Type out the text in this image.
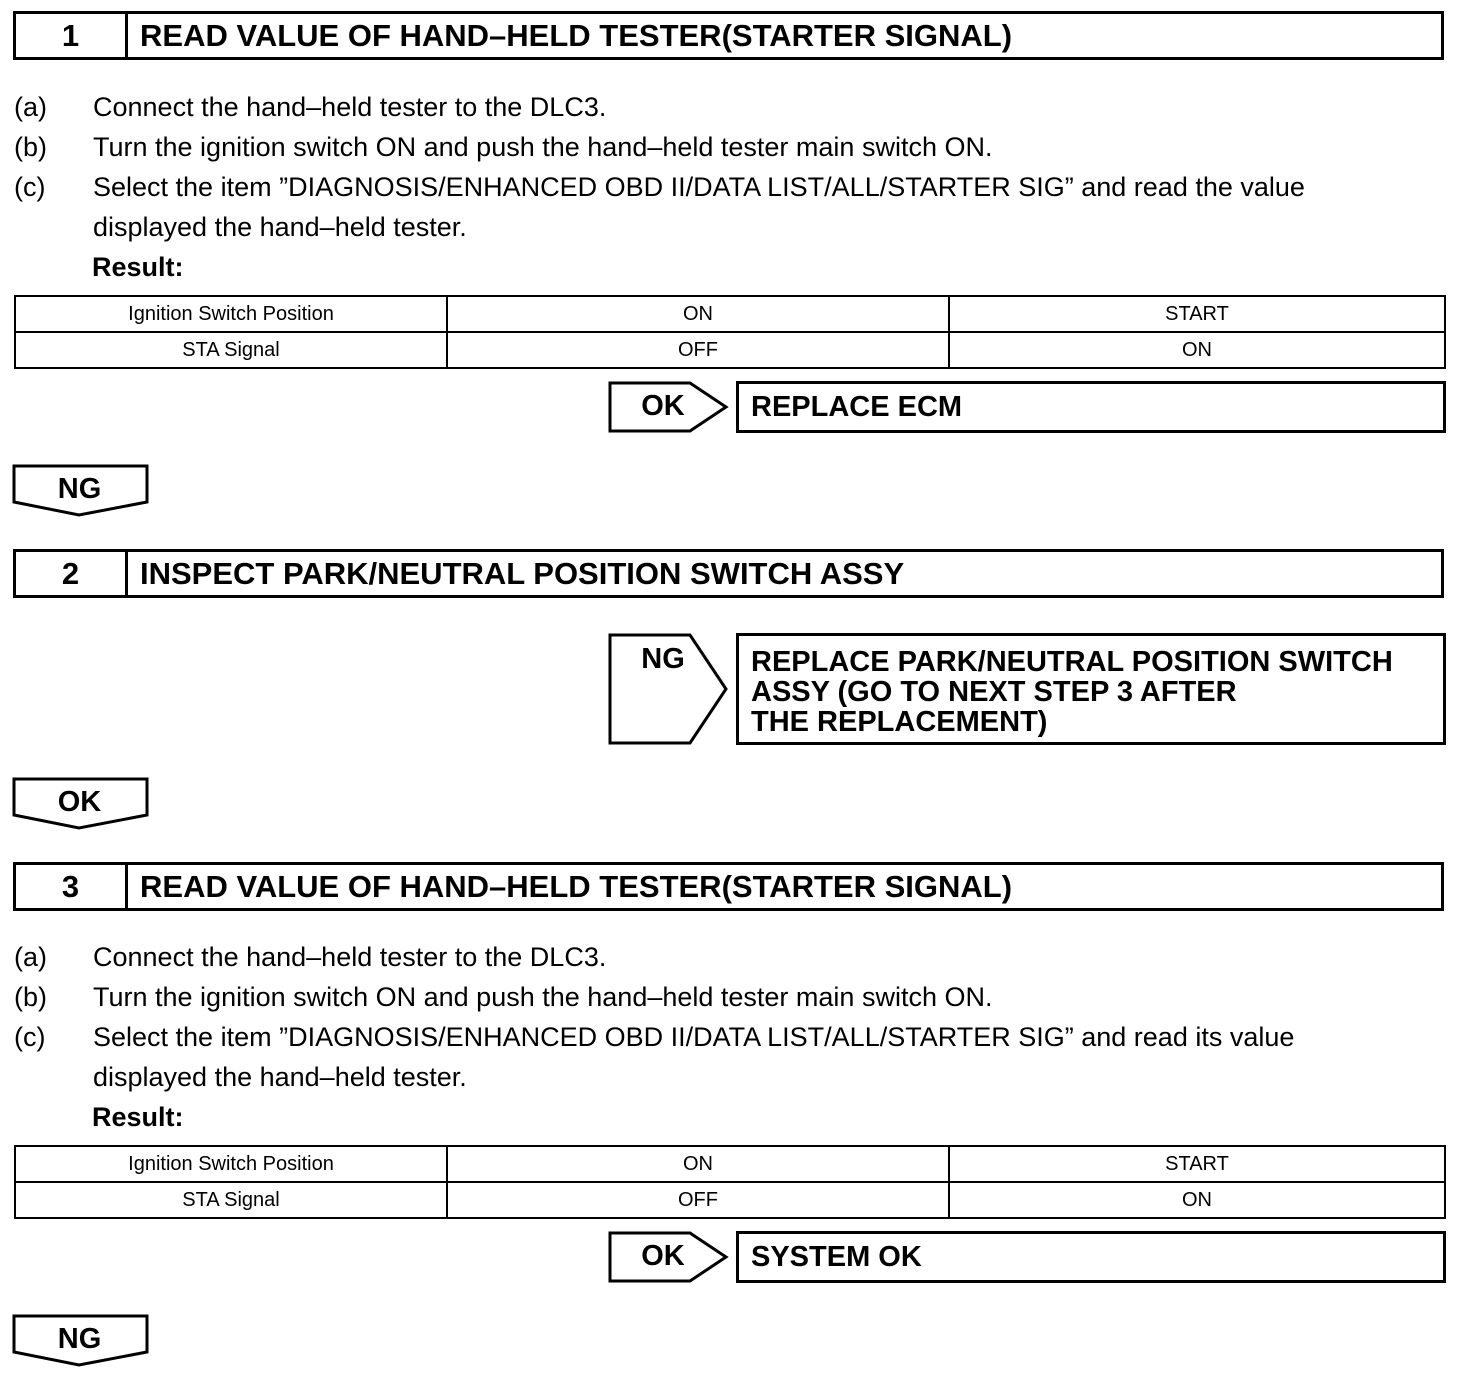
1	READ VALUE OF HAND–HELD TESTER(STARTER SIGNAL)
(a) Connect the hand–held tester to the DLC3.
(b) Turn the ignition switch ON and push the hand–held tester main switch ON.
(c) Select the item ”DIAGNOSIS/ENHANCED OBD II/DATA LIST/ALL/STARTER SIG” and read the value
displayed the hand–held tester.
Result:
Ignition Switch Position	ON	START
STA Signal	OFF	ON
OK	REPLACE ECM
NG
2	INSPECT PARK/NEUTRAL POSITION SWITCH ASSY
NG	REPLACE PARK/NEUTRAL POSITION SWITCH
ASSY (GO TO NEXT STEP 3 AFTER
THE REPLACEMENT)
OK
3	READ VALUE OF HAND–HELD TESTER(STARTER SIGNAL)
(a) Connect the hand–held tester to the DLC3.
(b) Turn the ignition switch ON and push the hand–held tester main switch ON.
(c) Select the item ”DIAGNOSIS/ENHANCED OBD II/DATA LIST/ALL/STARTER SIG” and read its value
displayed the hand–held tester.
Result:
Ignition Switch Position	ON	START
STA Signal	OFF	ON
OK	SYSTEM OK
NG
